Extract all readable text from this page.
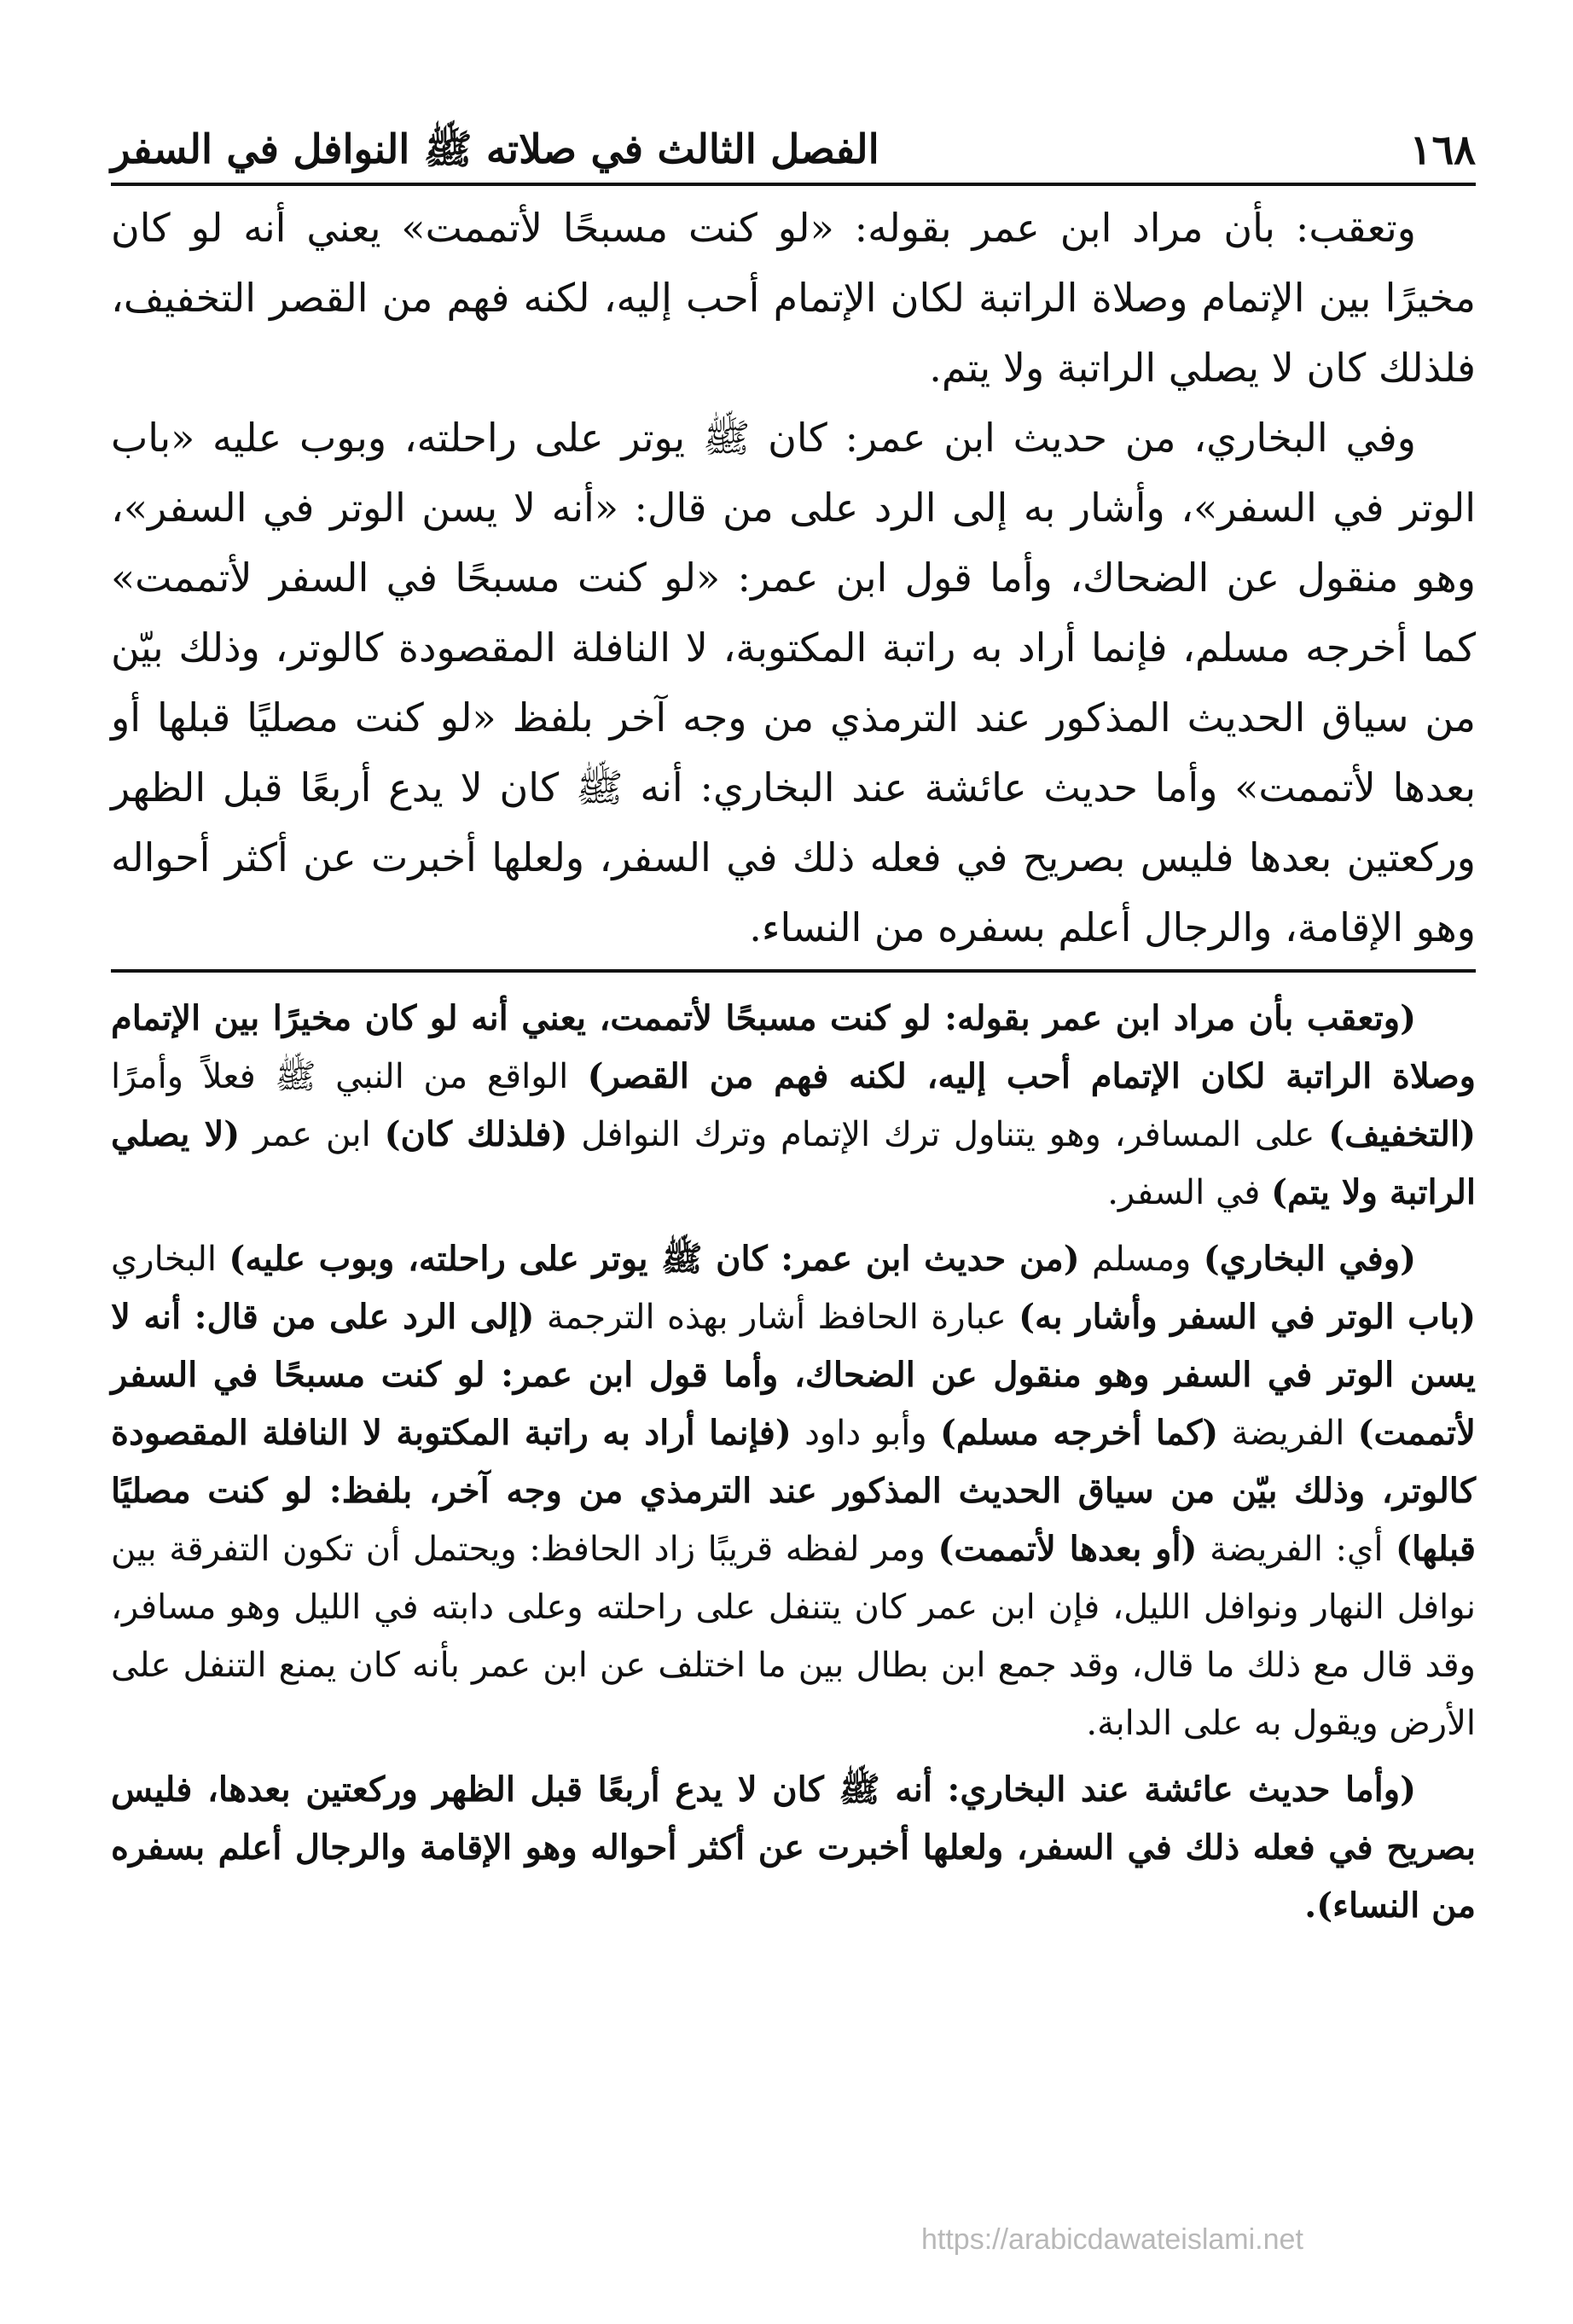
١٦٨
الفصل الثالث في صلاته ﷺ النوافل في السفر

وتعقب: بأن مراد ابن عمر بقوله: «لو كنت مسبحًا لأتممت» يعني أنه لو كان مخيرًا بين الإتمام وصلاة الراتبة لكان الإتمام أحب إليه، لكنه فهم من القصر التخفيف، فلذلك كان لا يصلي الراتبة ولا يتم.

وفي البخاري، من حديث ابن عمر: كان ﷺ يوتر على راحلته، وبوب عليه «باب الوتر في السفر»، وأشار به إلى الرد على من قال: «أنه لا يسن الوتر في السفر»، وهو منقول عن الضحاك، وأما قول ابن عمر: «لو كنت مسبحًا في السفر لأتممت» كما أخرجه مسلم، فإنما أراد به راتبة المكتوبة، لا النافلة المقصودة كالوتر، وذلك بيّن من سياق الحديث المذكور عند الترمذي من وجه آخر بلفظ «لو كنت مصليًا قبلها أو بعدها لأتممت» وأما حديث عائشة عند البخاري: أنه ﷺ كان لا يدع أربعًا قبل الظهر وركعتين بعدها فليس بصريح في فعله ذلك في السفر، ولعلها أخبرت عن أكثر أحواله وهو الإقامة، والرجال أعلم بسفره من النساء.

(وتعقب بأن مراد ابن عمر بقوله: لو كنت مسبحًا لأتممت، يعني أنه لو كان مخيرًا بين الإتمام وصلاة الراتبة لكان الإتمام أحب إليه، لكنه فهم من القصر) الواقع من النبي ﷺ فعلاً وأمرًا (التخفيف) على المسافر، وهو يتناول ترك الإتمام وترك النوافل (فلذلك كان) ابن عمر (لا يصلي الراتبة ولا يتم) في السفر.

(وفي البخاري) ومسلم (من حديث ابن عمر: كان ﷺ يوتر على راحلته، وبوب عليه) البخاري (باب الوتر في السفر وأشار به) عبارة الحافظ أشار بهذه الترجمة (إلى الرد على من قال: أنه لا يسن الوتر في السفر وهو منقول عن الضحاك، وأما قول ابن عمر: لو كنت مسبحًا في السفر لأتممت) الفريضة (كما أخرجه مسلم) وأبو داود (فإنما أراد به راتبة المكتوبة لا النافلة المقصودة كالوتر، وذلك بيّن من سياق الحديث المذكور عند الترمذي من وجه آخر، بلفظ: لو كنت مصليًا قبلها) أي: الفريضة (أو بعدها لأتممت) ومر لفظه قريبًا زاد الحافظ: ويحتمل أن تكون التفرقة بين نوافل النهار ونوافل الليل، فإن ابن عمر كان يتنفل على راحلته وعلى دابته في الليل وهو مسافر، وقد قال مع ذلك ما قال، وقد جمع ابن بطال بين ما اختلف عن ابن عمر بأنه كان يمنع التنفل على الأرض ويقول به على الدابة.

(وأما حديث عائشة عند البخاري: أنه ﷺ كان لا يدع أربعًا قبل الظهر وركعتين بعدها، فليس بصريح في فعله ذلك في السفر، ولعلها أخبرت عن أكثر أحواله وهو الإقامة والرجال أعلم بسفره من النساء).

https://arabicdawateislami.net
